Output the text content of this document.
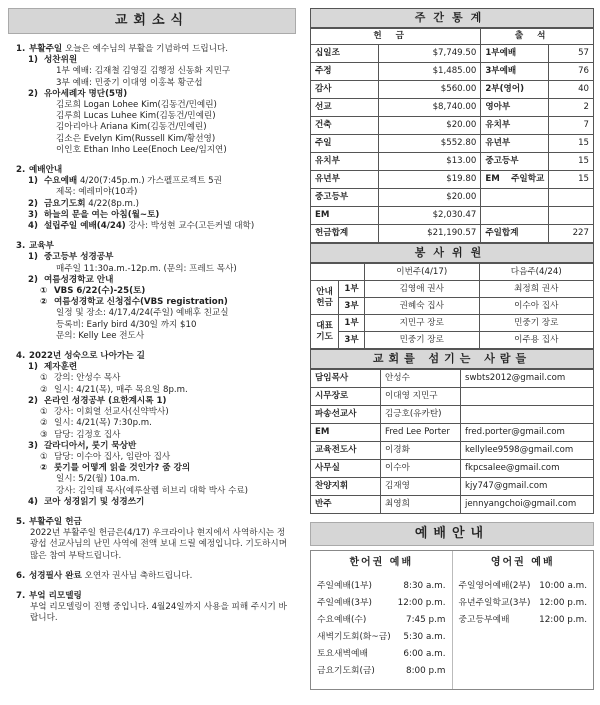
교회소식
1. 부활주일 오늘은 예수님의 부활을 기념하여 드립니다.
1) 성찬위원
1부 예배: 김재철 김영길 김행정 신동화 지민구
3부 예배: 민중기 이대영 이홍복 황군섭
2) 유아세례자 명단(5명)
김로희 Logan Lohee Kim(김동건/민예린)
김루희 Lucas Luhee Kim(김동건/민예린)
김아리아나 Ariana Kim(김동건/민예린)
김소은 Evelyn Kim(Russell Kim/황선영)
이인호 Ethan Inho Lee(Enoch Lee/임지연)
2. 예배안내
1) 수요예배 4/20(7:45p.m.) 가스펠프로젝트 5권
제목: 예레미야(10과)
2) 금요기도회 4/22(8p.m.)
3) 하늘의 문을 여는 아침(월~토)
4) 설립주일 예배(4/24) 강사: 박성현 교수(고든커넬 대학)
3. 교육부
1) 중고등부 성경공부
매주일 11:30a.m.-12p.m. (문의: 프레드 목사)
2) 여름성경학교 안내
① VBS 6/22(수)-25(토)
② 여름성경학교 신청접수(VBS registration)
일정 및 장소: 4/17,4/24(주일) 예배후 친교실
등록비: Early bird 4/30일 까지 $10
문의: Kelly Lee 전도사
4. 2022년 성숙으로 나아가는 길
1) 제자훈련
① 강의: 안성수 목사
② 일시: 4/21(목), 매주 목요일 8p.m.
2) 온라인 성경공부 (요한계시록 1)
① 강사: 이회열 선교사(신약박사)
② 일시: 4/21(목) 7:30p.m.
③ 담당: 김정호 집사
3) 갈라디아서, 룻기 묵상반
① 담당: 이수아 집사, 임란아 집사
② 룻기를 어떻게 읽을 것인가? 줌 강의
일시: 5/2(월) 10a.m.
강사: 김익태 목사(예루살렘 히브리 대학 박사 수료)
4) 코아 성경읽기 및 성경쓰기
5. 부활주일 헌금
2022년 부활주일 헌금은(4/17) 우크라이나 현지에서 사역하시는 정광섭 선교사님의 난민 사역에 전액 보내 드릴 예정입니다. 기도하시며 많은 참여 부탁드립니다.
6. 성경필사 완료 오연자 권사님 축하드립니다.
7. 부엌 리모델링
부엌 리모델링이 진행 중입니다. 4월24일까지 사용을 피해 주시기 바랍니다.
주간통계
헌금		출석	
십일조	$7,749.50	1부예배	57
주정	$1,485.00	3부예배	76
감사	$560.00	2부(영어)	40
선교	$8,740.00	영아부	2
건축	$20.00	유치부	7
주일	$552.80	유년부	15
유치부	$13.00	중고등부	15
유년부	$19.80	EM 주일학교	15
중고등부	$20.00		
EM	$2,030.47		
헌금합계	$21,190.57	주일합계	227
봉사위원
		이번주(4/17)	다음주(4/24)
안내 헌금	1부	김영애 권사	최정희 권사
	3부	권혜숙 집사	이수아 집사
대표 기도	1부	지민구 장로	민중기 장로
	3부	민중기 장로	이주용 집사
교회를 섬기는 사람들
담임목사	안성수	swbts2012@gmail.com
시무장로	이대영 지민구	
파송선교사	김긍호(유카탄)	
EM	Fred Lee Porter	fred.porter@gmail.com
교육전도사	이경화	kellylee9598@gmail.com
사무실	이수아	fkpcsalee@gmail.com
찬양지휘	김재영	kjy747@gmail.com
반주	최영희	jennyangchoi@gmail.com
예배안내
한어권 예배
주일예배(1부)	8:30 a.m.
주일예배(3부)	12:00 p.m.
수요예배(수)	7:45 p.m
새벽기도회(화~금) 5:30 a.m.
토요새벽예배	6:00 a.m.
금요기도회(금)	8:00 p.m
영어권 예배
주일영어예배(2부) 10:00 a.m.
유년주일학교(3부) 12:00 p.m.
중고등부예배	12:00 p.m.
